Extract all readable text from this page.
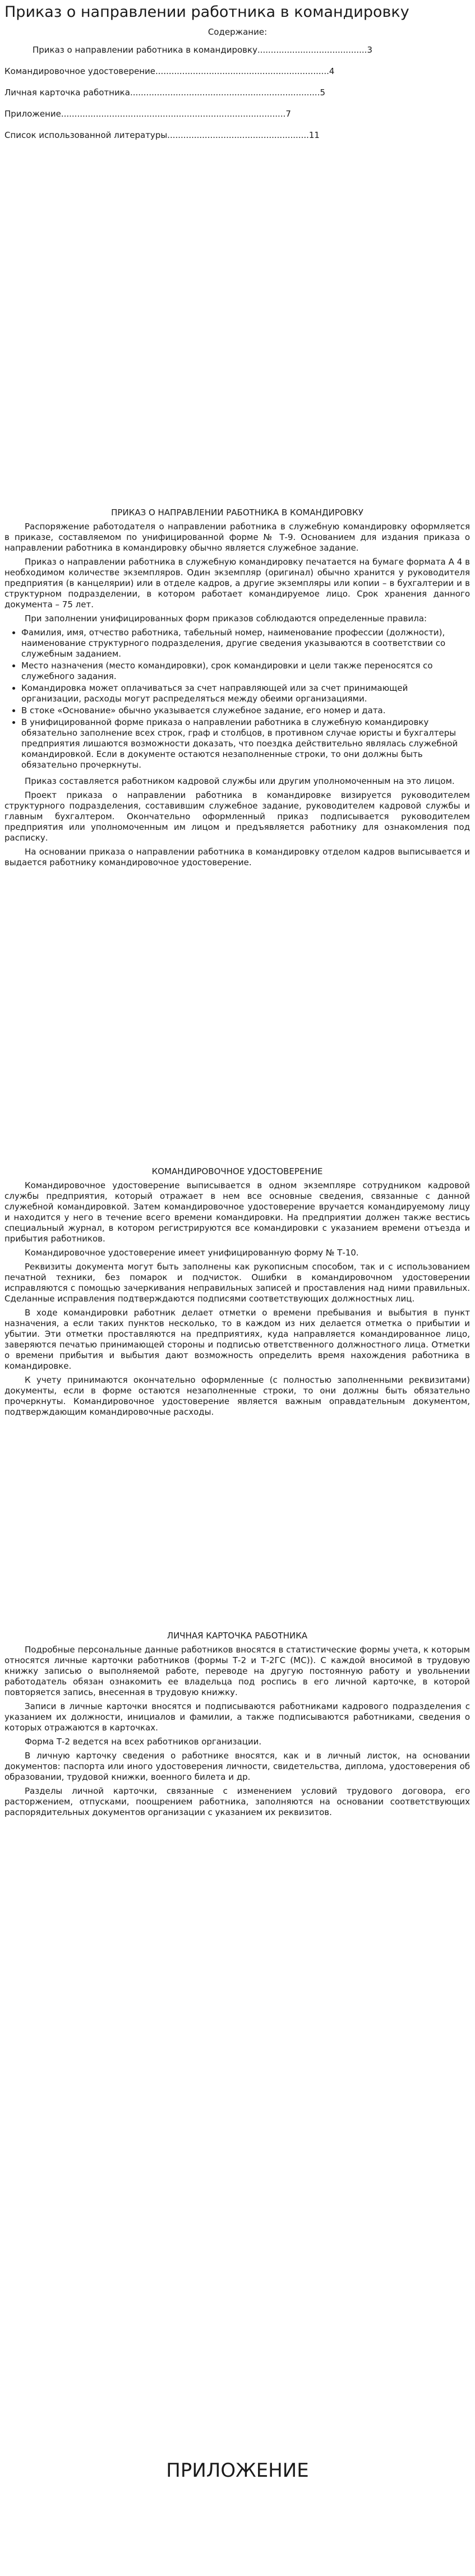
Приказ о направлении работника в командировку
Содержание:
Приказ о направлении работника в командировку.........................................3
Командировочное удостоверение.................................................................4
Личная карточка работника.......................................................................5
Приложение....................................................................................7
Список использованной литературы.....................................................11

ПРИКАЗ О НАПРАВЛЕНИИ РАБОТНИКА В КОМАНДИРОВКУ

Распоряжение работодателя о направлении работника в служебную командировку оформляется в приказе, составляемом по унифицированной форме № Т-9. Основанием для издания приказа о направлении работника в командировку обычно является служебное задание.

Приказ о направлении работника в служебную командировку печатается на бумаге формата А 4 в необходимом количестве экземпляров. Один экземпляр (оригинал) обычно хранится у руководителя предприятия (в канцелярии) или в отделе кадров, а другие экземпляры или копии – в бухгалтерии и в структурном подразделении, в котором работает командируемое лицо. Срок хранения данного документа – 75 лет.

При заполнении унифицированных форм приказов соблюдаются определенные правила:

• Фамилия, имя, отчество работника, табельный номер, наименование профессии (должности), наименование структурного подразделения, другие сведения указываются в соответствии со служебным заданием.
• Место назначения (место командировки), срок командировки и цели также переносятся со служебного задания.
• Командировка может оплачиваться за счет направляющей или за счет принимающей организации, расходы могут распределяться между обеими организациями.
• В стоке «Основание» обычно указывается служебное задание, его номер и дата.
• В унифицированной форме приказа о направлении работника в служебную командировку обязательно заполнение всех строк, граф и столбцов, в противном случае юристы и бухгалтеры предприятия лишаются возможности доказать, что поездка действительно являлась служебной командировкой. Если в документе остаются незаполненные строки, то они должны быть обязательно прочеркнуты.

Приказ составляется работником кадровой службы или другим уполномоченным на это лицом.

Проект приказа о направлении работника в командировке визируется руководителем структурного подразделения, составившим служебное задание, руководителем кадровой службы и главным бухгалтером. Окончательно оформленный приказ подписывается руководителем предприятия или уполномоченным им лицом и предъявляется работнику для ознакомления под расписку.

На основании приказа о направлении работника в командировку отделом кадров выписывается и выдается работнику командировочное удостоверение.

КОМАНДИРОВОЧНОЕ УДОСТОВЕРЕНИЕ

Командировочное удостоверение выписывается в одном экземпляре сотрудником кадровой службы предприятия, который отражает в нем все основные сведения, связанные с данной служебной командировкой. Затем командировочное удостоверение вручается командируемому лицу и находится у него в течение всего времени командировки. На предприятии должен также вестись специальный журнал, в котором регистрируются все командировки с указанием времени отъезда и прибытия работников.

Командировочное удостоверение имеет унифицированную форму № Т-10.

Реквизиты документа могут быть заполнены как рукописным способом, так и с использованием печатной техники, без помарок и подчисток. Ошибки в командировочном удостоверении исправляются с помощью зачеркивания неправильных записей и проставления над ними правильных. Сделанные исправления подтверждаются подписями соответствующих должностных лиц.

В ходе командировки работник делает отметки о времени пребывания и выбытия в пункт назначения, а если таких пунктов несколько, то в каждом из них делается отметка о прибытии и убытии. Эти отметки проставляются на предприятиях, куда направляется командированное лицо, заверяются печатью принимающей стороны и подписью ответственного должностного лица. Отметки о времени прибытия и выбытия дают возможность определить время нахождения работника в командировке.

К учету принимаются окончательно оформленные (с полностью заполненными реквизитами) документы, если в форме остаются незаполненные строки, то они должны быть обязательно прочеркнуты. Командировочное удостоверение является важным оправдательным документом, подтверждающим командировочные расходы.

ЛИЧНАЯ КАРТОЧКА РАБОТНИКА

Подробные персональные данные работников вносятся в статистические формы учета, к которым относятся личные карточки работников (формы Т-2 и Т-2ГС (МС)). С каждой вносимой в трудовую книжку записью о выполняемой работе, переводе на другую постоянную работу и увольнении работодатель обязан ознакомить ее владельца под роспись в его личной карточке, в которой повторяется запись, внесенная в трудовую книжку.

Записи в личные карточки вносятся и подписываются работниками кадрового подразделения с указанием их должности, инициалов и фамилии, а также подписываются работниками, сведения о которых отражаются в карточках.

Форма Т-2 ведется на всех работников организации.

В личную карточку сведения о работнике вносятся, как и в личный листок, на основании документов: паспорта или иного удостоверения личности, свидетельства, диплома, удостоверения об образовании, трудовой книжки, военного билета и др.

Разделы личной карточки, связанные с изменением условий трудового договора, его расторжением, отпусками, поощрением работника, заполняются на основании соответствующих распорядительных документов организации с указанием их реквизитов.

ПРИЛОЖЕНИЕ
